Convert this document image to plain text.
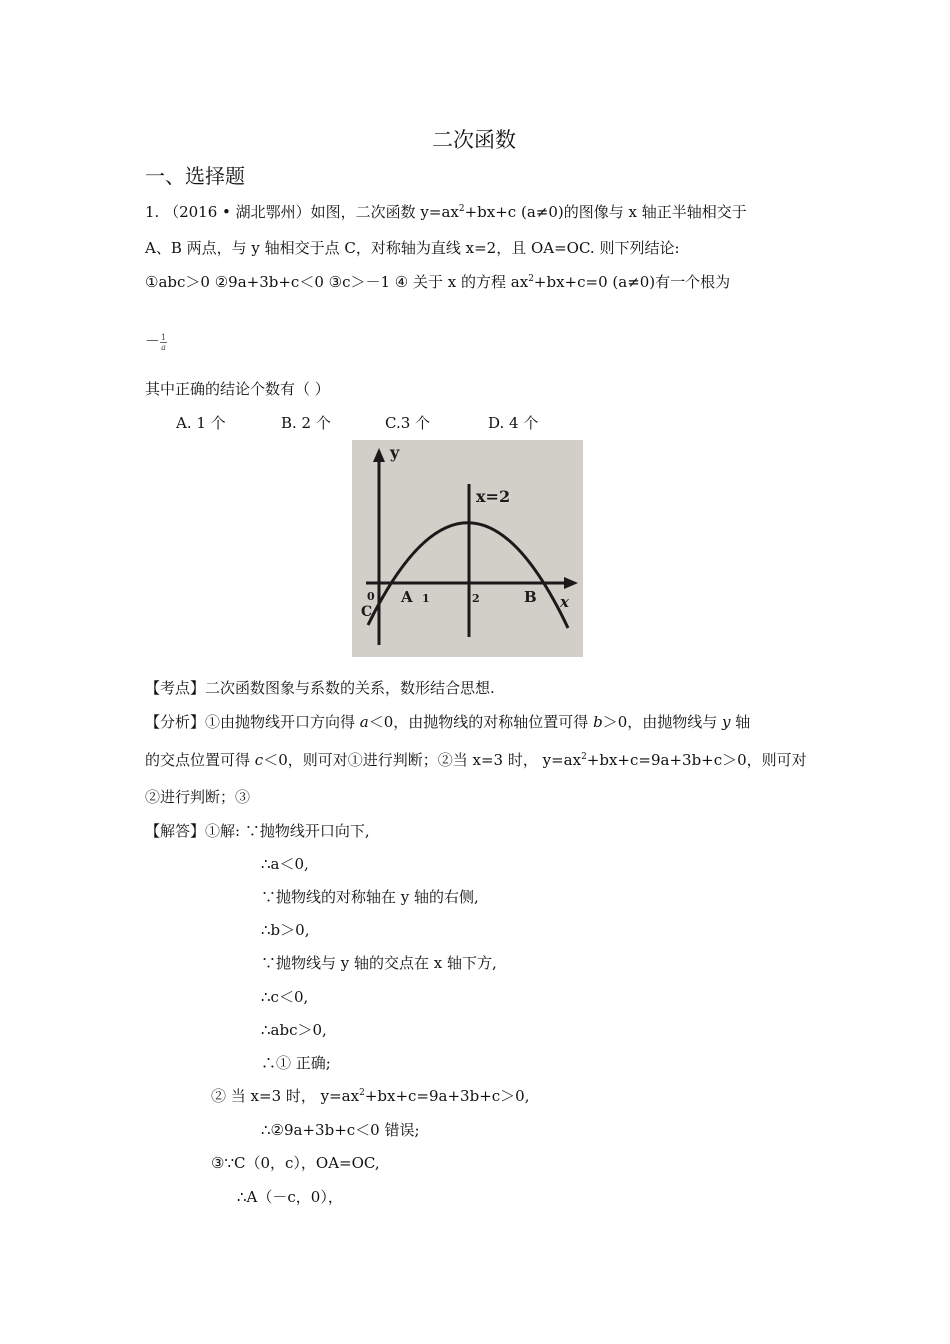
二次函数
一、选择题
1. （2016 • 湖北鄂州）如图，二次函数 $y=ax^2+bx+c$ (a≠0)的图像与 x 轴正半轴相交于
A、B 两点，与 y 轴相交于点 C，对称轴为直线 x=2，且 OA=OC. 则下列结论:
①abc＞0 ②9a+3b+c＜0 ③c＞－1 ④ 关于 x 的方程 $ax^2+bx+c=0$ (a≠0)有一个根为
－ $\frac{1}{a}$
其中正确的结论个数有（ ）
A. 1 个	B. 2 个	C.3 个	D. 4 个
y
x
x=2
0
C
A 1	2	B
【考点】二次函数图象与系数的关系，数形结合思想.
【分析】①由抛物线开口方向得 a＜0，由抛物线的对称轴位置可得 b＞0，由抛物线与 y 轴
的交点位置可得 c＜0，则可对①进行判断；②当 x=3 时， $y=ax^2+bx+c=9a+3b+c>0$，则可对
②进行判断；③
【解答】①解: ∵抛物线开口向下,
∴a＜0,
∵抛物线的对称轴在 y 轴的右侧,
∴b＞0,
∵抛物线与 y 轴的交点在 x 轴下方,
∴c＜0,
∴abc＞0,
∴① 正确;
② 当 x=3 时， $y=ax^2+bx+c=9a+3b+c>0$,
∴②9a+3b+c＜0 错误;
③∵C（0，c），OA=OC,
∴A（－c，0），
